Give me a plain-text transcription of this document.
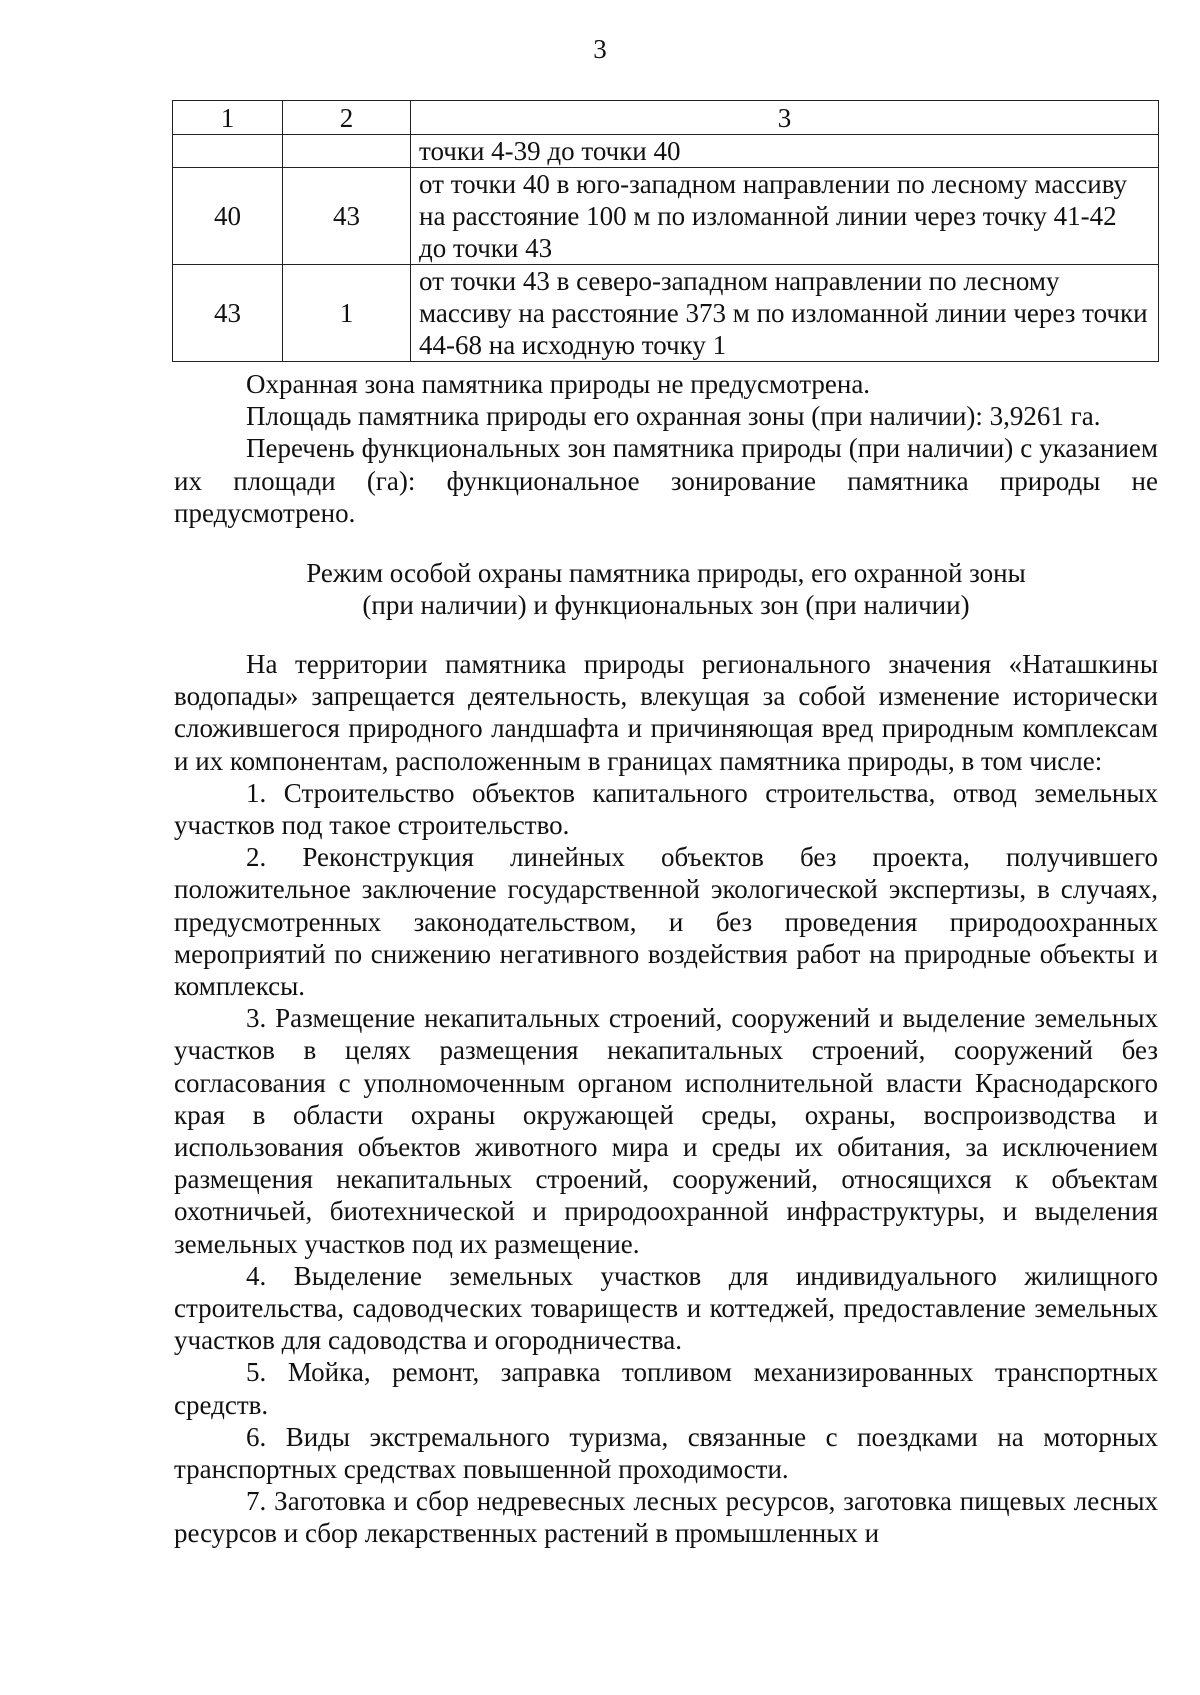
3
1	2	3
		точки 4-39 до точки 40
40	43	от точки 40 в юго-западном направлении по лесному массиву на расстояние 100 м по изломанной линии через точку 41-42 до точки 43
43	1	от точки 43 в северо-западном направлении по лесному массиву на расстояние 373 м по изломанной линии через точки 44-68 на исходную точку 1

Охранная зона памятника природы не предусмотрена.

Площадь памятника природы его охранная зоны (при наличии): 3,9261 га.

Перечень функциональных зон памятника природы (при наличии) с указанием их площади (га): функциональное зонирование памятника природы не предусмотрено.

Режим особой охраны памятника природы, его охранной зоны
(при наличии) и функциональных зон (при наличии)

На территории памятника природы регионального значения «Наташкины водопады» запрещается деятельность, влекущая за собой изменение исторически сложившегося природного ландшафта и причиняющая вред природным комплексам и их компонентам, расположенным в границах памятника природы, в том числе:

1. Строительство объектов капитального строительства, отвод земельных участков под такое строительство.

2. Реконструкция линейных объектов без проекта, получившего положительное заключение государственной экологической экспертизы, в случаях, предусмотренных законодательством, и без проведения природоохранных мероприятий по снижению негативного воздействия работ на природные объекты и комплексы.

3. Размещение некапитальных строений, сооружений и выделение земельных участков в целях размещения некапитальных строений, сооружений без согласования с уполномоченным органом исполнительной власти Краснодарского края в области охраны окружающей среды, охраны, воспроизводства и использования объектов животного мира и среды их обитания, за исключением размещения некапитальных строений, сооружений, относящихся к объектам охотничьей, биотехнической и природоохранной инфраструктуры, и выделения земельных участков под их размещение.

4. Выделение земельных участков для индивидуального жилищного строительства, садоводческих товариществ и коттеджей, предоставление земельных участков для садоводства и огородничества.

5. Мойка, ремонт, заправка топливом механизированных транспортных средств.

6. Виды экстремального туризма, связанные с поездками на моторных транспортных средствах повышенной проходимости.

7. Заготовка и сбор недревесных лесных ресурсов, заготовка пищевых лесных ресурсов и сбор лекарственных растений в промышленных и
